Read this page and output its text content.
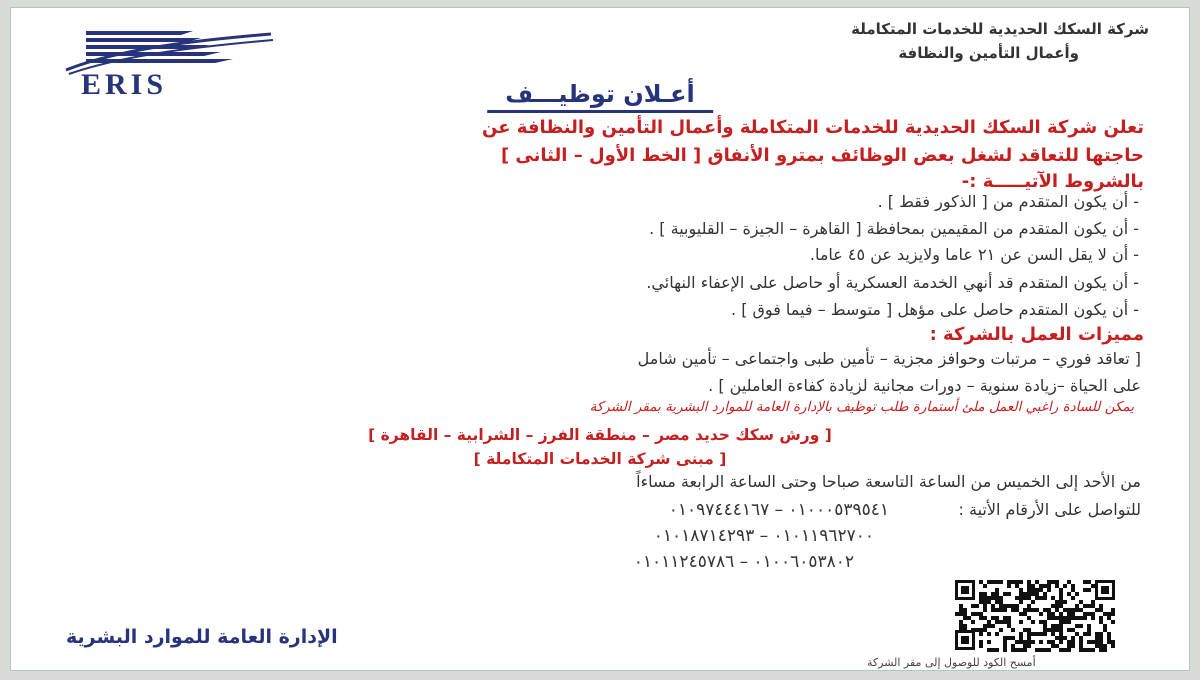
شركة السكك الحديدية للخدمات المتكاملة
وأعمال التأمين والنظافة
ERIS	أعـلان توظيـــف
تعلن شركة السكك الحديدية للخدمات المتكاملة وأعمال التأمين والنظافة عن
حاجتها للتعاقد لشغل بعض الوظائف بمترو الأنفاق [ الخط الأول – الثانى ]
بالشروط الآتيـــــة :-
- أن يكون المتقدم من [ الذكور فقط ] .
- أن يكون المتقدم من المقيمين بمحافظة [ القاهرة – الجيزة – القليوبية ] .
- أن لا يقل السن عن ٢١ عاما ولايزيد عن ٤٥ عاما.
- أن يكون المتقدم قد أنهي الخدمة العسكرية أو حاصل على الإعفاء النهائي.
- أن يكون المتقدم حاصل على مؤهل [ متوسط – فيما فوق ] .
مميزات العمل بالشركة :
[ تعاقد فوري – مرتبات وحوافز مجزية – تأمين طبى واجتماعى – تأمين شامل
على الحياة –زيادة سنوية – دورات مجانية لزيادة كفاءة العاملين ] .
يمكن للسادة راغبي العمل ملئ أستمارة طلب توظيف بالإدارة العامة للموارد البشرية بمقر الشركة
[ ورش سكك حديد مصر – منطقة الفرز – الشرابية – القاهرة ]
[ مبنى شركة الخدمات المتكاملة ]
من الأحد إلى الخميس من الساعة التاسعة صباحا وحتى الساعة الرابعة مساءاً
للتواصل على الأرقام الأتية :
٠١٠٠٠٥٣٩٥٤١ – ٠١٠٩٧٤٤٤١٦٧
٠١٠١١٩٦٢٧٠٠ – ٠١٠١٨٧١٤٢٩٣
٠١٠٠٦٠٥٣٨٠٢ – ٠١٠١١٢٤٥٧٨٦
الإدارة العامة للموارد البشرية
أمسح الكود للوصول إلى مقر الشركة
